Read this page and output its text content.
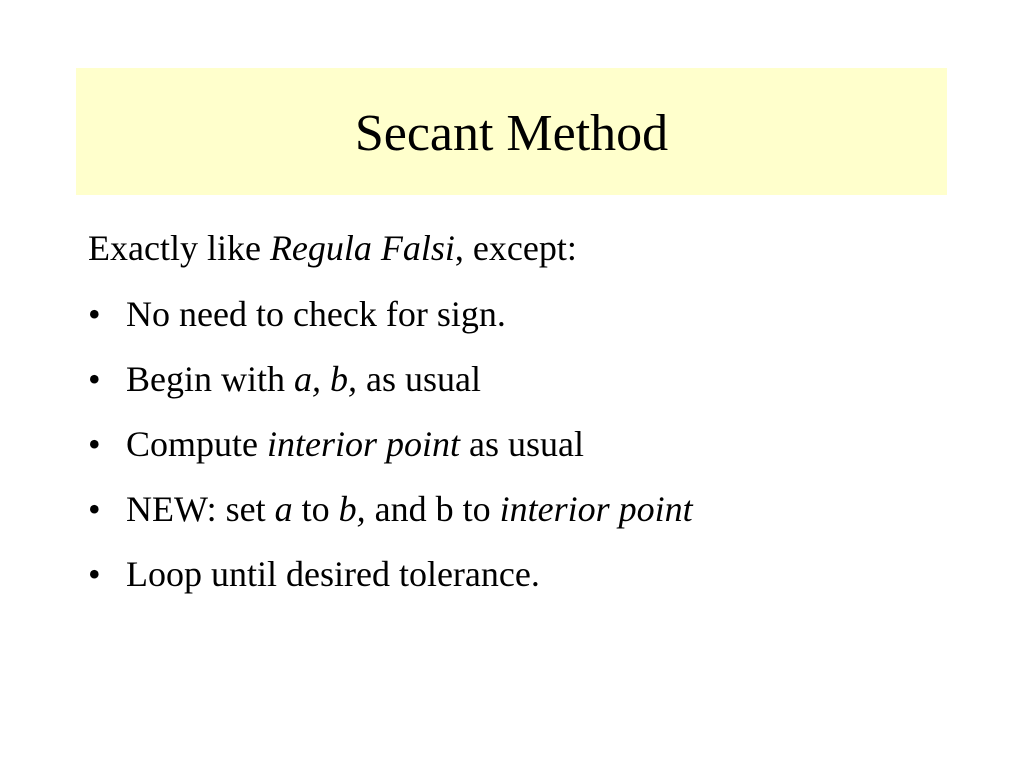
Secant Method

Exactly like Regula Falsi, except:

• No need to check for sign.
• Begin with a, b, as usual
• Compute interior point as usual
• NEW: set a to b, and b to interior point
• Loop until desired tolerance.
